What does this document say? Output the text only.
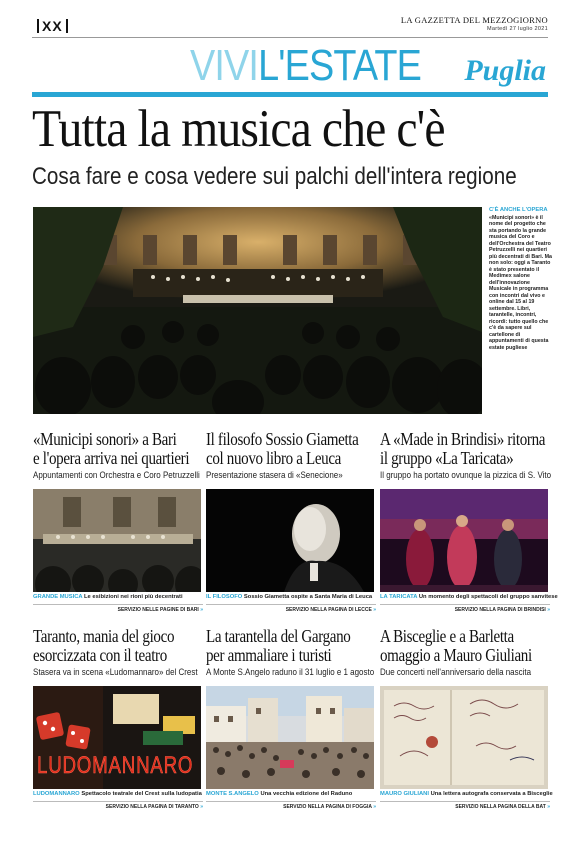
XX	LA GAZZETTA DEL MEZZOGIORNO
Martedì 27 luglio 2021
VIVIL'ESTATE	Puglia
Tutta la musica che c'è
Cosa fare e cosa vedere sui palchi dell'intera regione
C'È ANCHE L'OPERA
«Municipi sonori» è il nome del progetto che sta portando la grande musica del Coro e dell'Orchestra del Teatro Petruzzelli nei quartieri più decentrati di Bari. Ma non solo: oggi a Taranto è stato presentato il Medimex salone dell'innovazione Musicale in programma con incontri dal vivo e online dal 15 al 19 settembre. Libri, tarantelle, incontri, ricordi: tutto quello che c'è da sapere sul cartellone di appuntamenti di questa estate pugliese
«Municipi sonori» a Bari
e l'opera arriva nei quartieri
Appuntamenti con Orchestra e Coro Petruzzelli
GRANDE MUSICA Le esibizioni nei rioni più decentrati
SERVIZIO NELLE PAGINE DI BARI »
Il filosofo Sossio Giametta
col nuovo libro a Leuca
Presentazione stasera di «Senecione»
IL FILOSOFO Sossio Giametta ospite a Santa Maria di Leuca
SERVIZIO NELLA PAGINA DI LECCE »
A «Made in Brindisi» ritorna
il gruppo «La Taricata»
Il gruppo ha portato ovunque la pizzica di S. Vito
LA TARICATA Un momento degli spettacoli del gruppo sanvitese
SERVIZIO NELLA PAGINA DI BRINDISI »
Taranto, mania del gioco
esorcizzata con il teatro
Stasera va in scena «Ludomannaro» del Crest
LUDOMANNARO
LUDOMANNARO Spettacolo teatrale del Crest sulla ludopatia
SERVIZIO NELLA PAGINA DI TARANTO »
La tarantella del Gargano
per ammaliare i turisti
A Monte S.Angelo raduno il 31 luglio e 1 agosto
MONTE S.ANGELO Una vecchia edizione del Raduno
SERVIZIO NELLA PAGINA DI FOGGIA »
A Bisceglie e a Barletta
omaggio a Mauro Giuliani
Due concerti nell'anniversario della nascita
MAURO GIULIANI Una lettera autografa conservata a Bisceglie
SERVIZIO NELLA PAGINA DELLA BAT »
